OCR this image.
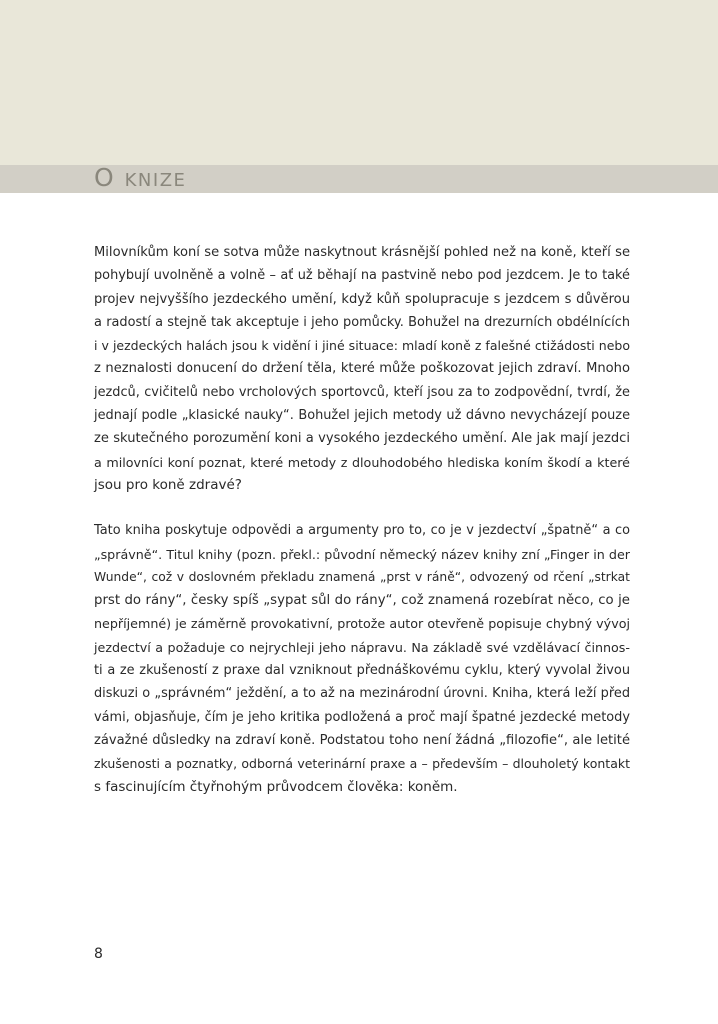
O knize

Milovníkům koní se sotva může naskytnout krásnější pohled než na koně, kteří se
pohybují uvolněně a volně – ať už běhají na pastvině nebo pod jezdcem. Je to také
projev nejvyššího jezdeckého umění, když kůň spolupracuje s jezdcem s důvěrou
a radostí a stejně tak akceptuje i jeho pomůcky. Bohužel na drezurních obdélnících
i v jezdeckých halách jsou k vidění i jiné situace: mladí koně z falešné ctižádosti nebo
z neznalosti donucení do držení těla, které může poškozovat jejich zdraví. Mnoho
jezdců, cvičitelů nebo vrcholových sportovců, kteří jsou za to zodpovědní, tvrdí, že
jednají podle „klasické nauky“. Bohužel jejich metody už dávno nevycházejí pouze
ze skutečného porozumění koni a vysokého jezdeckého umění. Ale jak mají jezdci
a milovníci koní poznat, které metody z dlouhodobého hlediska koním škodí a které
jsou pro koně zdravé?

Tato kniha poskytuje odpovědi a argumenty pro to, co je v jezdectví „špatně“ a co
„správně“. Titul knihy (pozn. překl.: původní německý název knihy zní „Finger in der
Wunde“, což v doslovném překladu znamená „prst v ráně“, odvozený od rčení „strkat
prst do rány“, česky spíš „sypat sůl do rány“, což znamená rozebírat něco, co je
nepříjemné) je záměrně provokativní, protože autor otevřeně popisuje chybný vývoj
jezdectví a požaduje co nejrychleji jeho nápravu. Na základě své vzdělávací činnos-
ti a ze zkušeností z praxe dal vzniknout přednáškovému cyklu, který vyvolal živou
diskuzi o „správném“ ježdění, a to až na mezinárodní úrovni. Kniha, která leží před
vámi, objasňuje, čím je jeho kritika podložená a proč mají špatné jezdecké metody
závažné důsledky na zdraví koně. Podstatou toho není žádná „filozofie“, ale letité
zkušenosti a poznatky, odborná veterinární praxe a – především – dlouholetý kontakt
s fascinujícím čtyřnohým průvodcem člověka: koněm.

8
